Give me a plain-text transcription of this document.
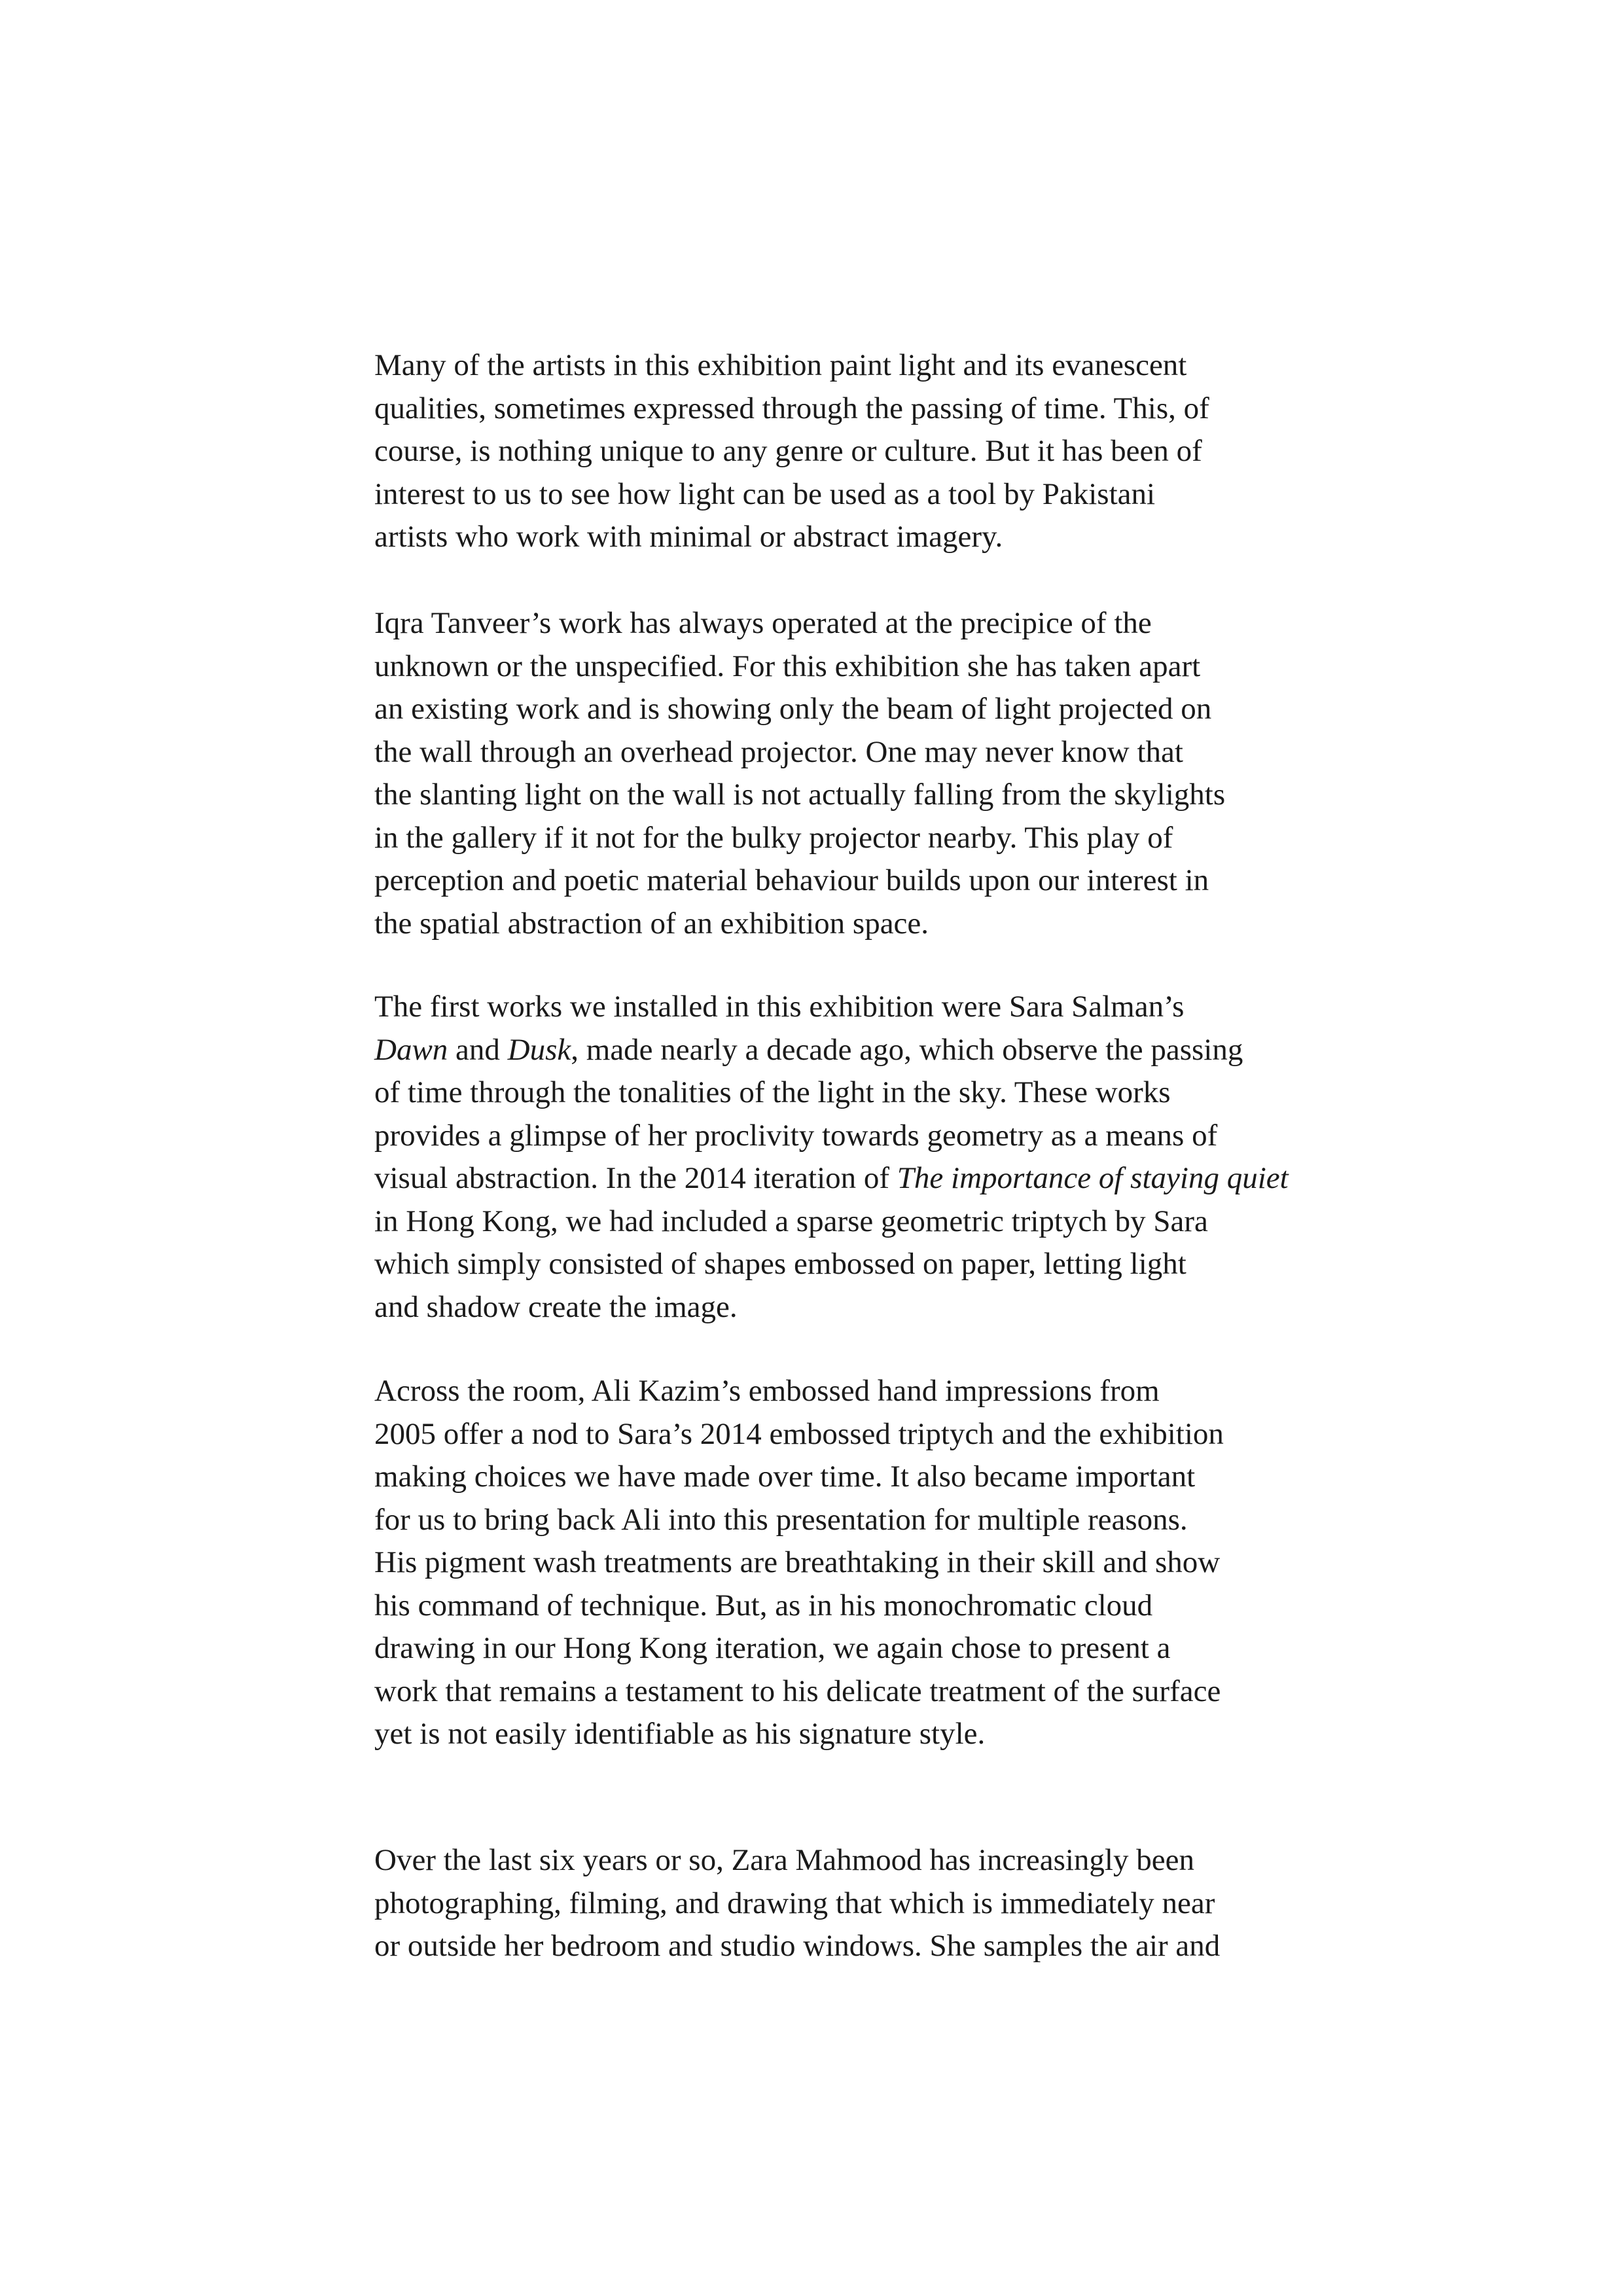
Many of the artists in this exhibition paint light and its evanescent
qualities, sometimes expressed through the passing of time. This, of
course, is nothing unique to any genre or culture. But it has been of
interest to us to see how light can be used as a tool by Pakistani
artists who work with minimal or abstract imagery.

Iqra Tanveer’s work has always operated at the precipice of the
unknown or the unspecified. For this exhibition she has taken apart
an existing work and is showing only the beam of light projected on
the wall through an overhead projector. One may never know that
the slanting light on the wall is not actually falling from the skylights
in the gallery if it not for the bulky projector nearby. This play of
perception and poetic material behaviour builds upon our interest in
the spatial abstraction of an exhibition space.

The first works we installed in this exhibition were Sara Salman’s
Dawn and Dusk, made nearly a decade ago, which observe the passing
of time through the tonalities of the light in the sky. These works
provides a glimpse of her proclivity towards geometry as a means of
visual abstraction. In the 2014 iteration of The importance of staying quiet
in Hong Kong, we had included a sparse geometric triptych by Sara
which simply consisted of shapes embossed on paper, letting light
and shadow create the image.

Across the room, Ali Kazim’s embossed hand impressions from
2005 offer a nod to Sara’s 2014 embossed triptych and the exhibition
making choices we have made over time. It also became important
for us to bring back Ali into this presentation for multiple reasons.
His pigment wash treatments are breathtaking in their skill and show
his command of technique. But, as in his monochromatic cloud
drawing in our Hong Kong iteration, we again chose to present a
work that remains a testament to his delicate treatment of the surface
yet is not easily identifiable as his signature style.

Over the last six years or so, Zara Mahmood has increasingly been
photographing, filming, and drawing that which is immediately near
or outside her bedroom and studio windows. She samples the air and
